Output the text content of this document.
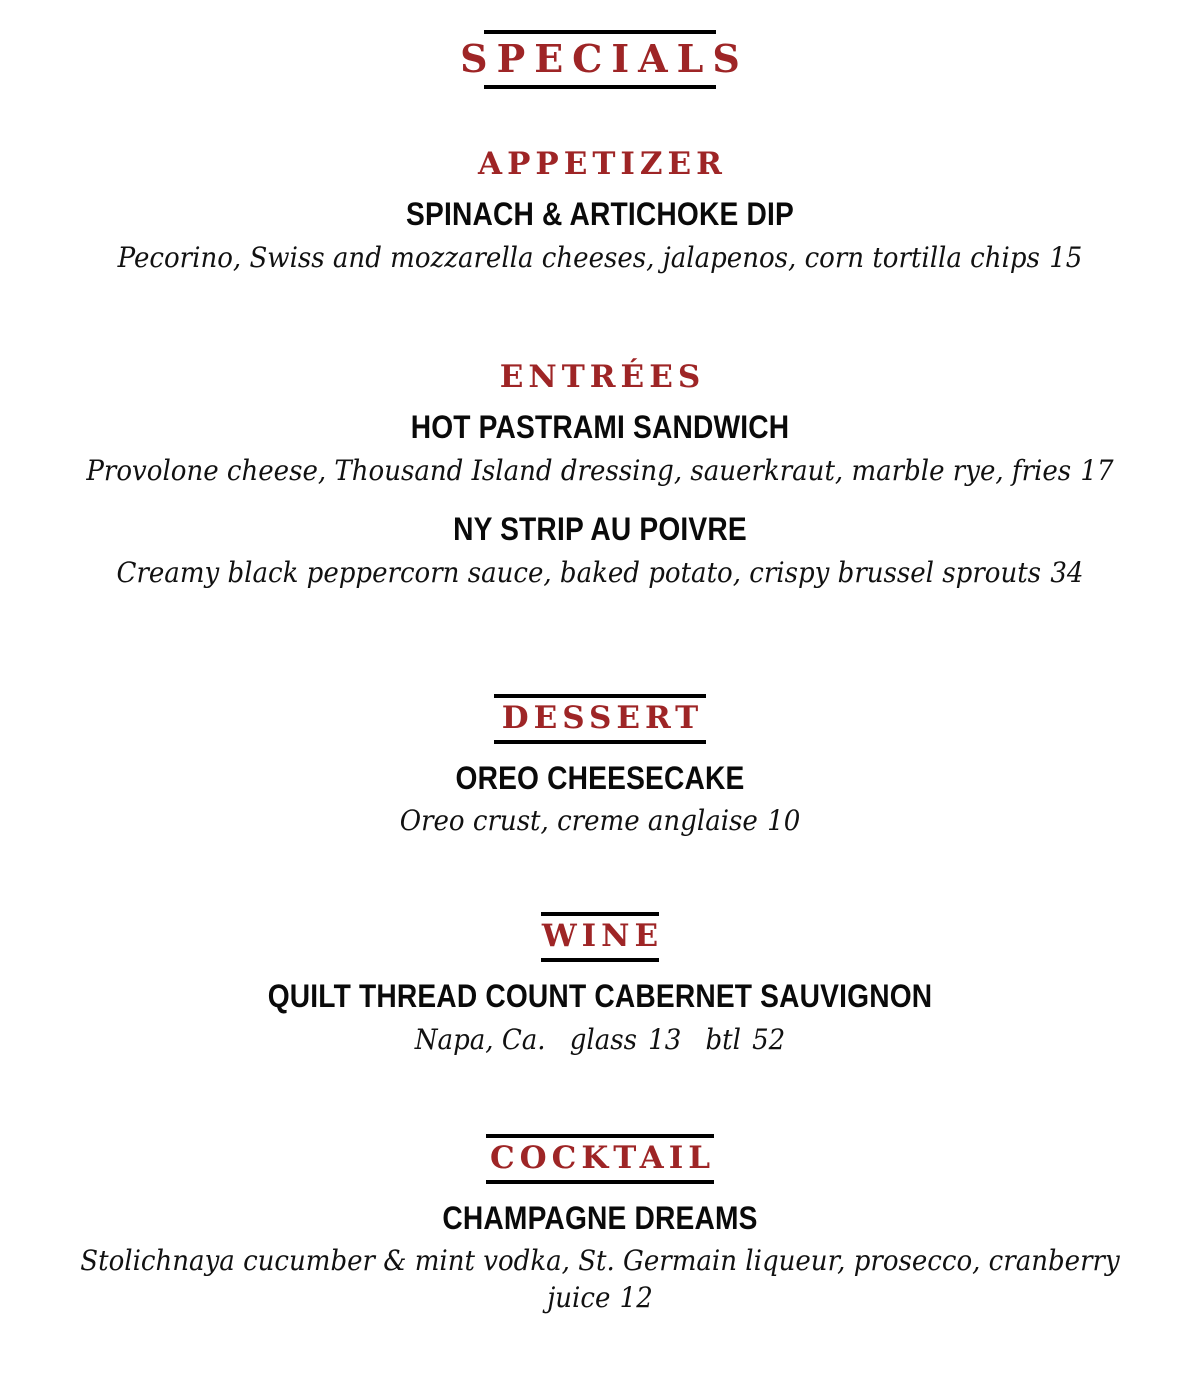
SPECIALS
APPETIZER
SPINACH & ARTICHOKE DIP
Pecorino, Swiss and mozzarella cheeses, jalapenos, corn tortilla chips 15
ENTRÉES
HOT PASTRAMI SANDWICH
Provolone cheese, Thousand Island dressing, sauerkraut, marble rye, fries 17
NY STRIP AU POIVRE
Creamy black peppercorn sauce, baked potato, crispy brussel sprouts 34
DESSERT
OREO CHEESECAKE
Oreo crust, creme anglaise 10
WINE
QUILT THREAD COUNT CABERNET SAUVIGNON
Napa, Ca. glass 13 btl 52
COCKTAIL
CHAMPAGNE DREAMS
Stolichnaya cucumber & mint vodka, St. Germain liqueur, prosecco, cranberry juice 12
